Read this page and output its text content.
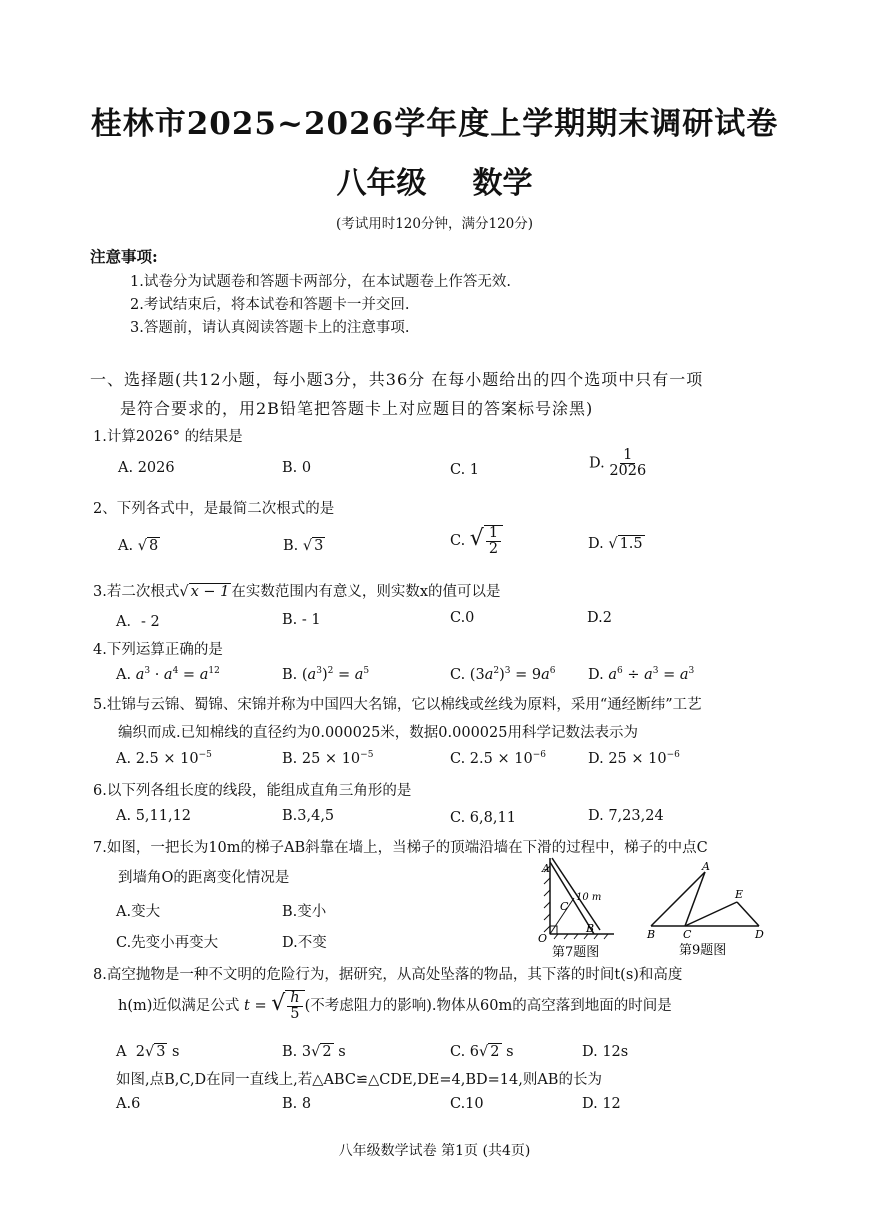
桂林市2025~2026学年度上学期期末调研试卷
八年级 数学
(考试用时120分钟，满分120分)
注意事项:
1.试卷分为试题卷和答题卡两部分，在本试题卷上作答无效.
2.考试结束后，将本试卷和答题卡一并交回.
3.答题前，请认真阅读答题卡上的注意事项.
一、选择题(共12小题，每小题3分，共36分 在每小题给出的四个选项中只有一项
是符合要求的，用2B铅笔把答题卡上对应题目的答案标号涂黑)
1.计算2026° 的结果是
A. 2026	B. 0	C. 1	D. $\frac{1}{2026}$
2、下列各式中，是最简二次根式的是
A. √ 8	B. √ 3	C. √ $\frac{1}{2}$	D. √ 1.5
3.若二次根式√ x − 1 在实数范围内有意义，则实数x的值可以是
A．- 2	B. - 1	C.0	D.2
4.下列运算正确的是
A. $a^3 \cdot a^4 = a^{12}$	B. $(a^3)^2 = a^5$	C. $(3a^2)^3 = 9a^6$ D. $a^6 \div a^3 = a^3$
5.壮锦与云锦、蜀锦、宋锦并称为中国四大名锦，它以棉线或丝线为原料，采用“通经断纬”工艺
编织而成.已知棉线的直径约为0.000025米，数据0.000025用科学记数法表示为
A. $2.5 \times 10^{-5}$	B. $25 \times 10^{-5}$	C. $2.5 \times 10^{-6}$	D. $25 \times 10^{-6}$
6.以下列各组长度的线段，能组成直角三角形的是
A. 5,11,12	B.3,4,5	C. 6,8,11	D. 7,23,24
7.如图，一把长为10m的梯子AB斜靠在墙上，当梯子的顶端沿墙在下滑的过程中，梯子的中点C
到墙角O的距离变化情况是
A.变大	B.变小
C.先变小再变大	D.不变
A
10 m
C
B
O
第7题图
A
E
B	C	D
第9题图
8.高空抛物是一种不文明的危险行为，据研究，从高处坠落的物品，其下落的时间t(s)和高度
h(m)近似满足公式 t = √ $\frac{h}{5}$ (不考虑阻力的影响).物体从60m的高空落到地面的时间是
A 2√ 3 s	B. 3√ 2 s	C. 6√ 2 s	D. 12s
如图,点B,C,D在同一直线上,若△ABC≌△CDE,DE=4,BD=14,则AB的长为
A.6	B. 8	C.10	D. 12
八年级数学试卷 第1页 (共4页)
